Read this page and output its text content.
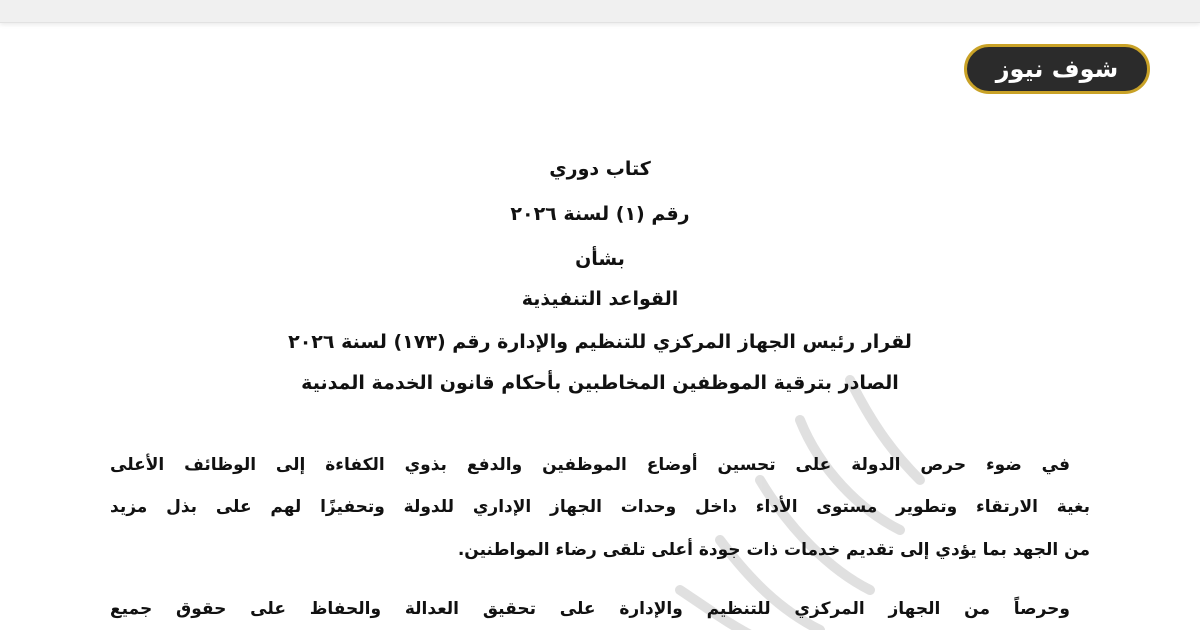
شوف نيوز
كتاب دوري
رقم (١) لسنة ٢٠٢٦
بشأن
القواعد التنفيذية
لقرار رئيس الجهاز المركزي للتنظيم والإدارة رقم (١٧٣) لسنة ٢٠٢٦
الصادر بترقية الموظفين المخاطبين بأحكام قانون الخدمة المدنية
في ضوء حرص الدولة على تحسين أوضاع الموظفين والدفع بذوي الكفاءة إلى الوظائف الأعلى
بغية الارتقاء وتطوير مستوى الأداء داخل وحدات الجهاز الإداري للدولة وتحفيزًا لهم على بذل مزيد
من الجهد بما يؤدي إلى تقديم خدمات ذات جودة أعلى تلقى رضاء المواطنين.
وحرصاً من الجهاز المركزي للتنظيم والإدارة على تحقيق العدالة والحفاظ على حقوق جميع
